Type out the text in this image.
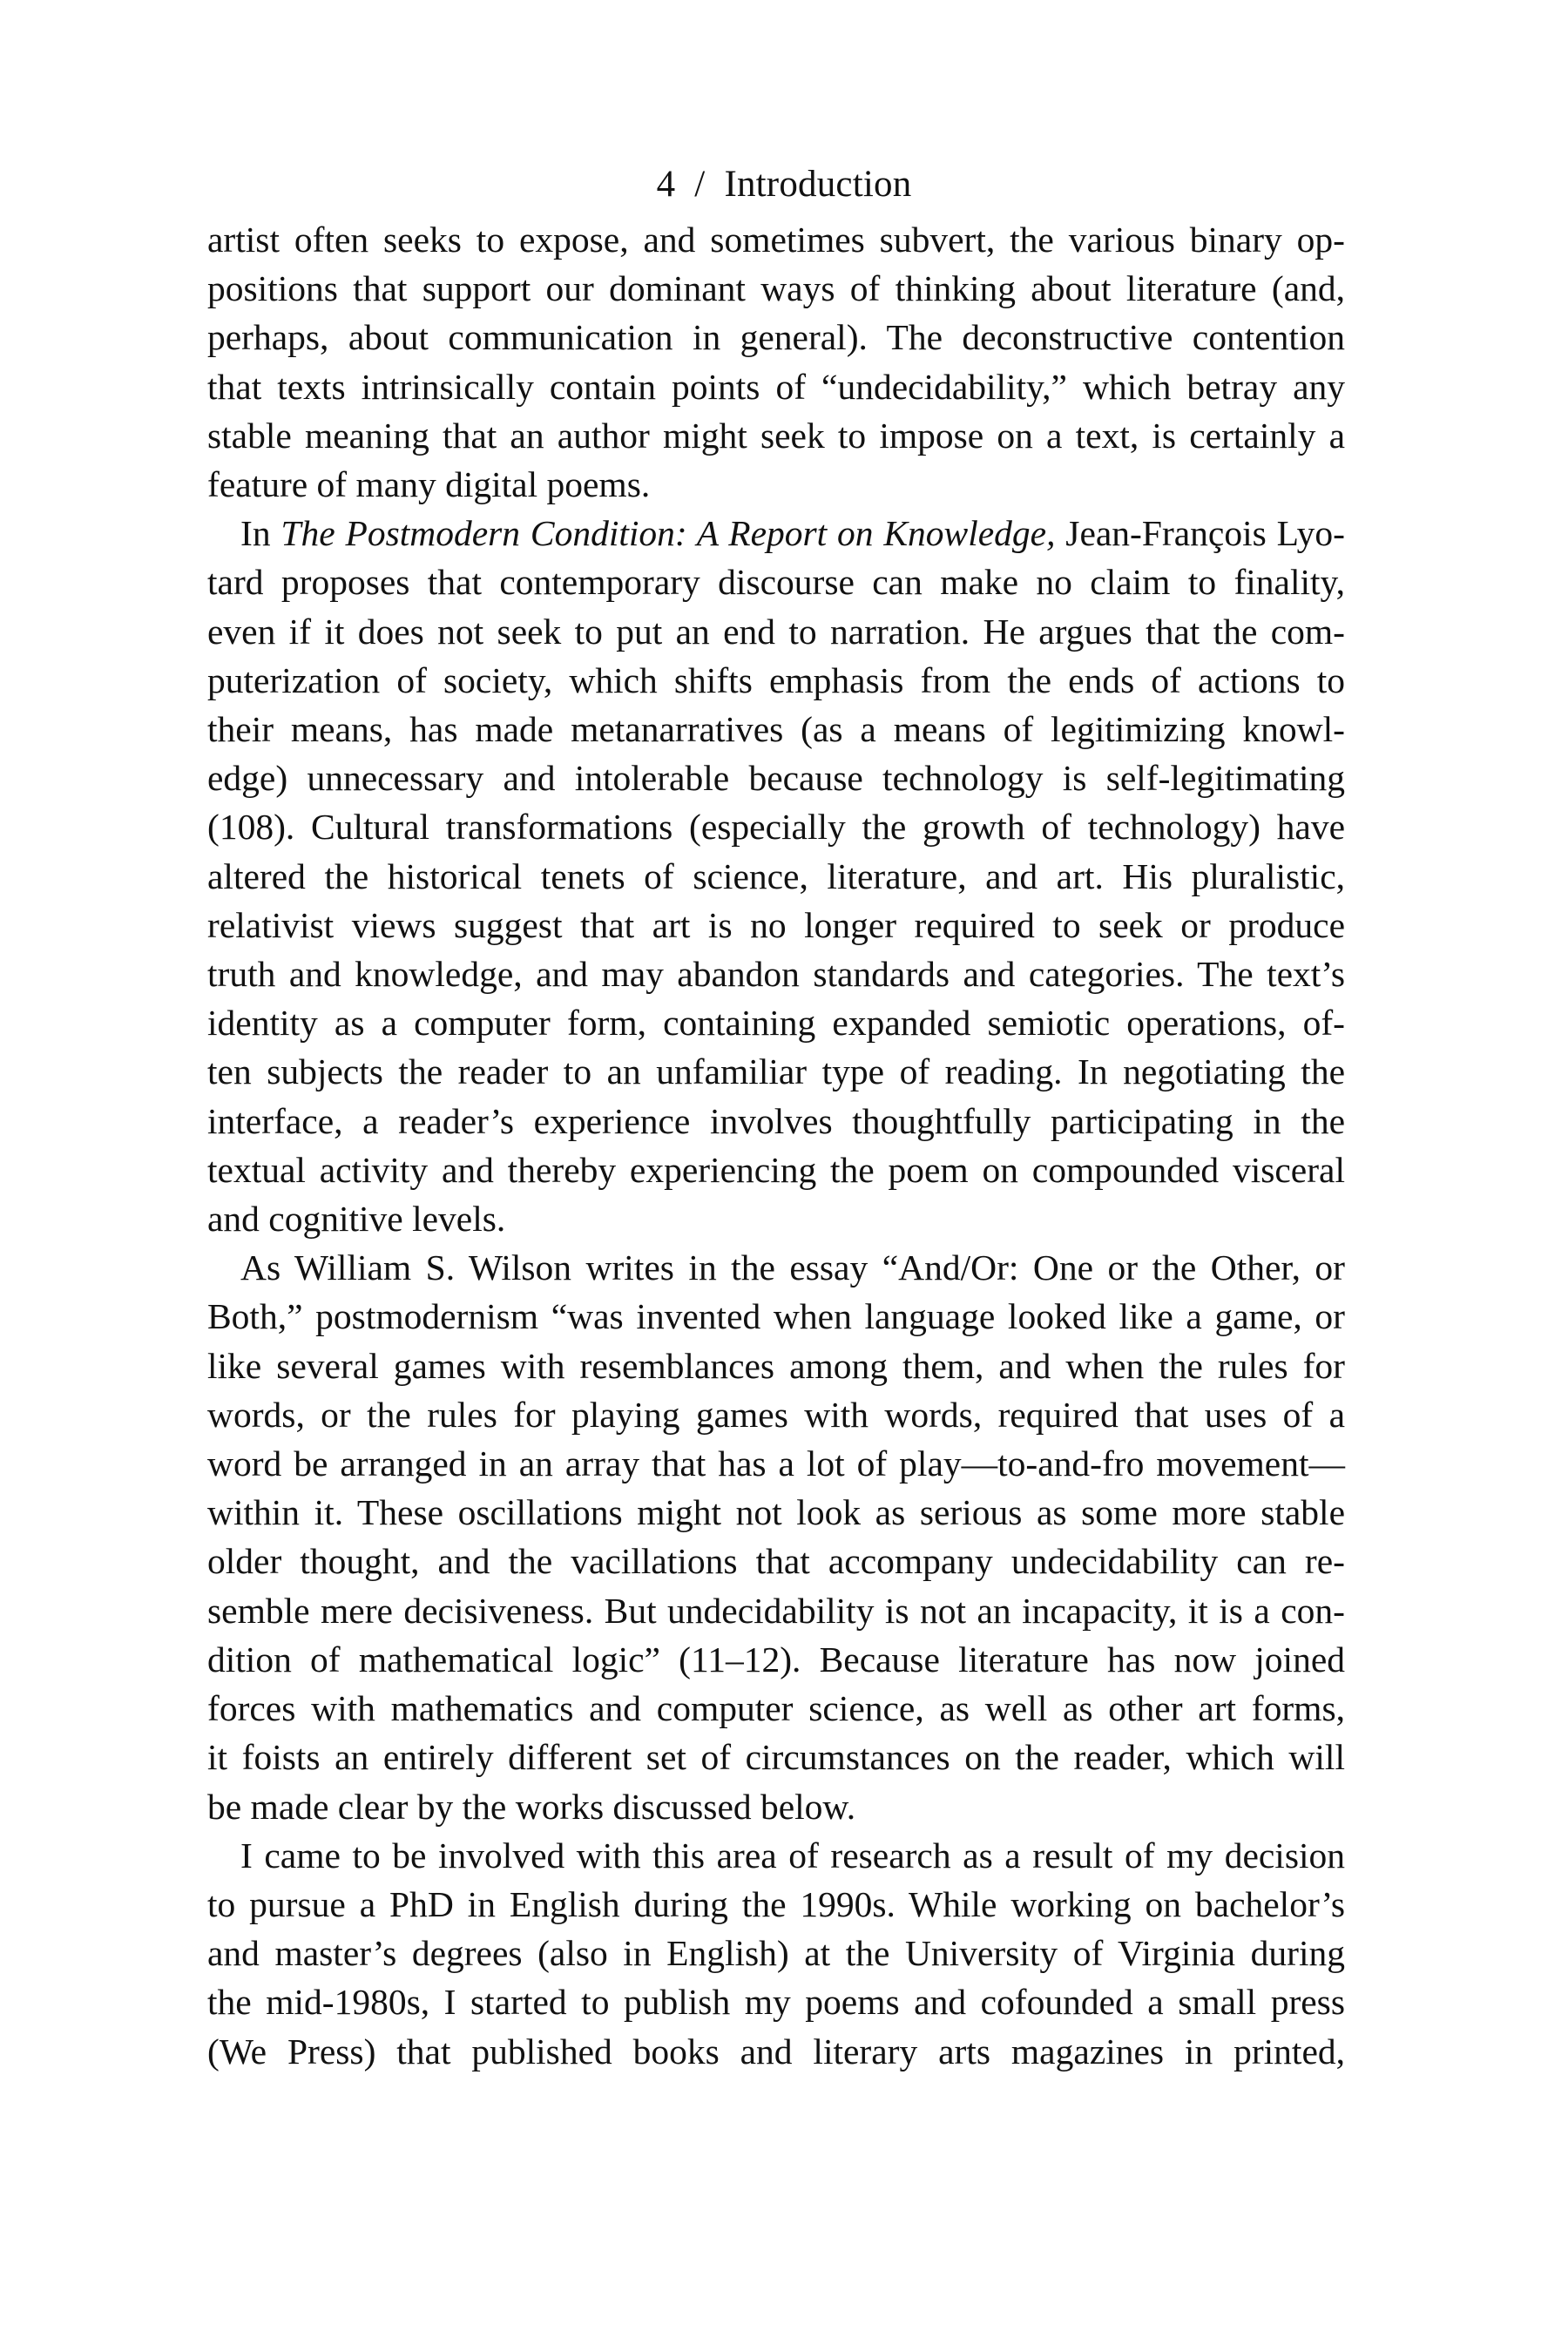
4 / Introduction

artist often seeks to expose, and sometimes subvert, the various binary op-
positions that support our dominant ways of thinking about literature (and,
perhaps, about communication in general). The deconstructive contention
that texts intrinsically contain points of “undecidability,” which betray any
stable meaning that an author might seek to impose on a text, is certainly a
feature of many digital poems.

In The Postmodern Condition: A Report on Knowledge, Jean-François Lyo-
tard proposes that contemporary discourse can make no claim to finality,
even if it does not seek to put an end to narration. He argues that the com-
puterization of society, which shifts emphasis from the ends of actions to
their means, has made metanarratives (as a means of legitimizing knowl-
edge) unnecessary and intolerable because technology is self-legitimating
(108). Cultural transformations (especially the growth of technology) have
altered the historical tenets of science, literature, and art. His pluralistic,
relativist views suggest that art is no longer required to seek or produce
truth and knowledge, and may abandon standards and categories. The text’s
identity as a computer form, containing expanded semiotic operations, of-
ten subjects the reader to an unfamiliar type of reading. In negotiating the
interface, a reader’s experience involves thoughtfully participating in the
textual activity and thereby experiencing the poem on compounded visceral
and cognitive levels.

As William S. Wilson writes in the essay “And/Or: One or the Other, or
Both,” postmodernism “was invented when language looked like a game, or
like several games with resemblances among them, and when the rules for
words, or the rules for playing games with words, required that uses of a
word be arranged in an array that has a lot of play—to-and-fro movement—
within it. These oscillations might not look as serious as some more stable
older thought, and the vacillations that accompany undecidability can re-
semble mere decisiveness. But undecidability is not an incapacity, it is a con-
dition of mathematical logic” (11–12). Because literature has now joined
forces with mathematics and computer science, as well as other art forms,
it foists an entirely different set of circumstances on the reader, which will
be made clear by the works discussed below.

I came to be involved with this area of research as a result of my decision
to pursue a PhD in English during the 1990s. While working on bachelor’s
and master’s degrees (also in English) at the University of Virginia during
the mid-1980s, I started to publish my poems and cofounded a small press
(We Press) that published books and literary arts magazines in printed,
